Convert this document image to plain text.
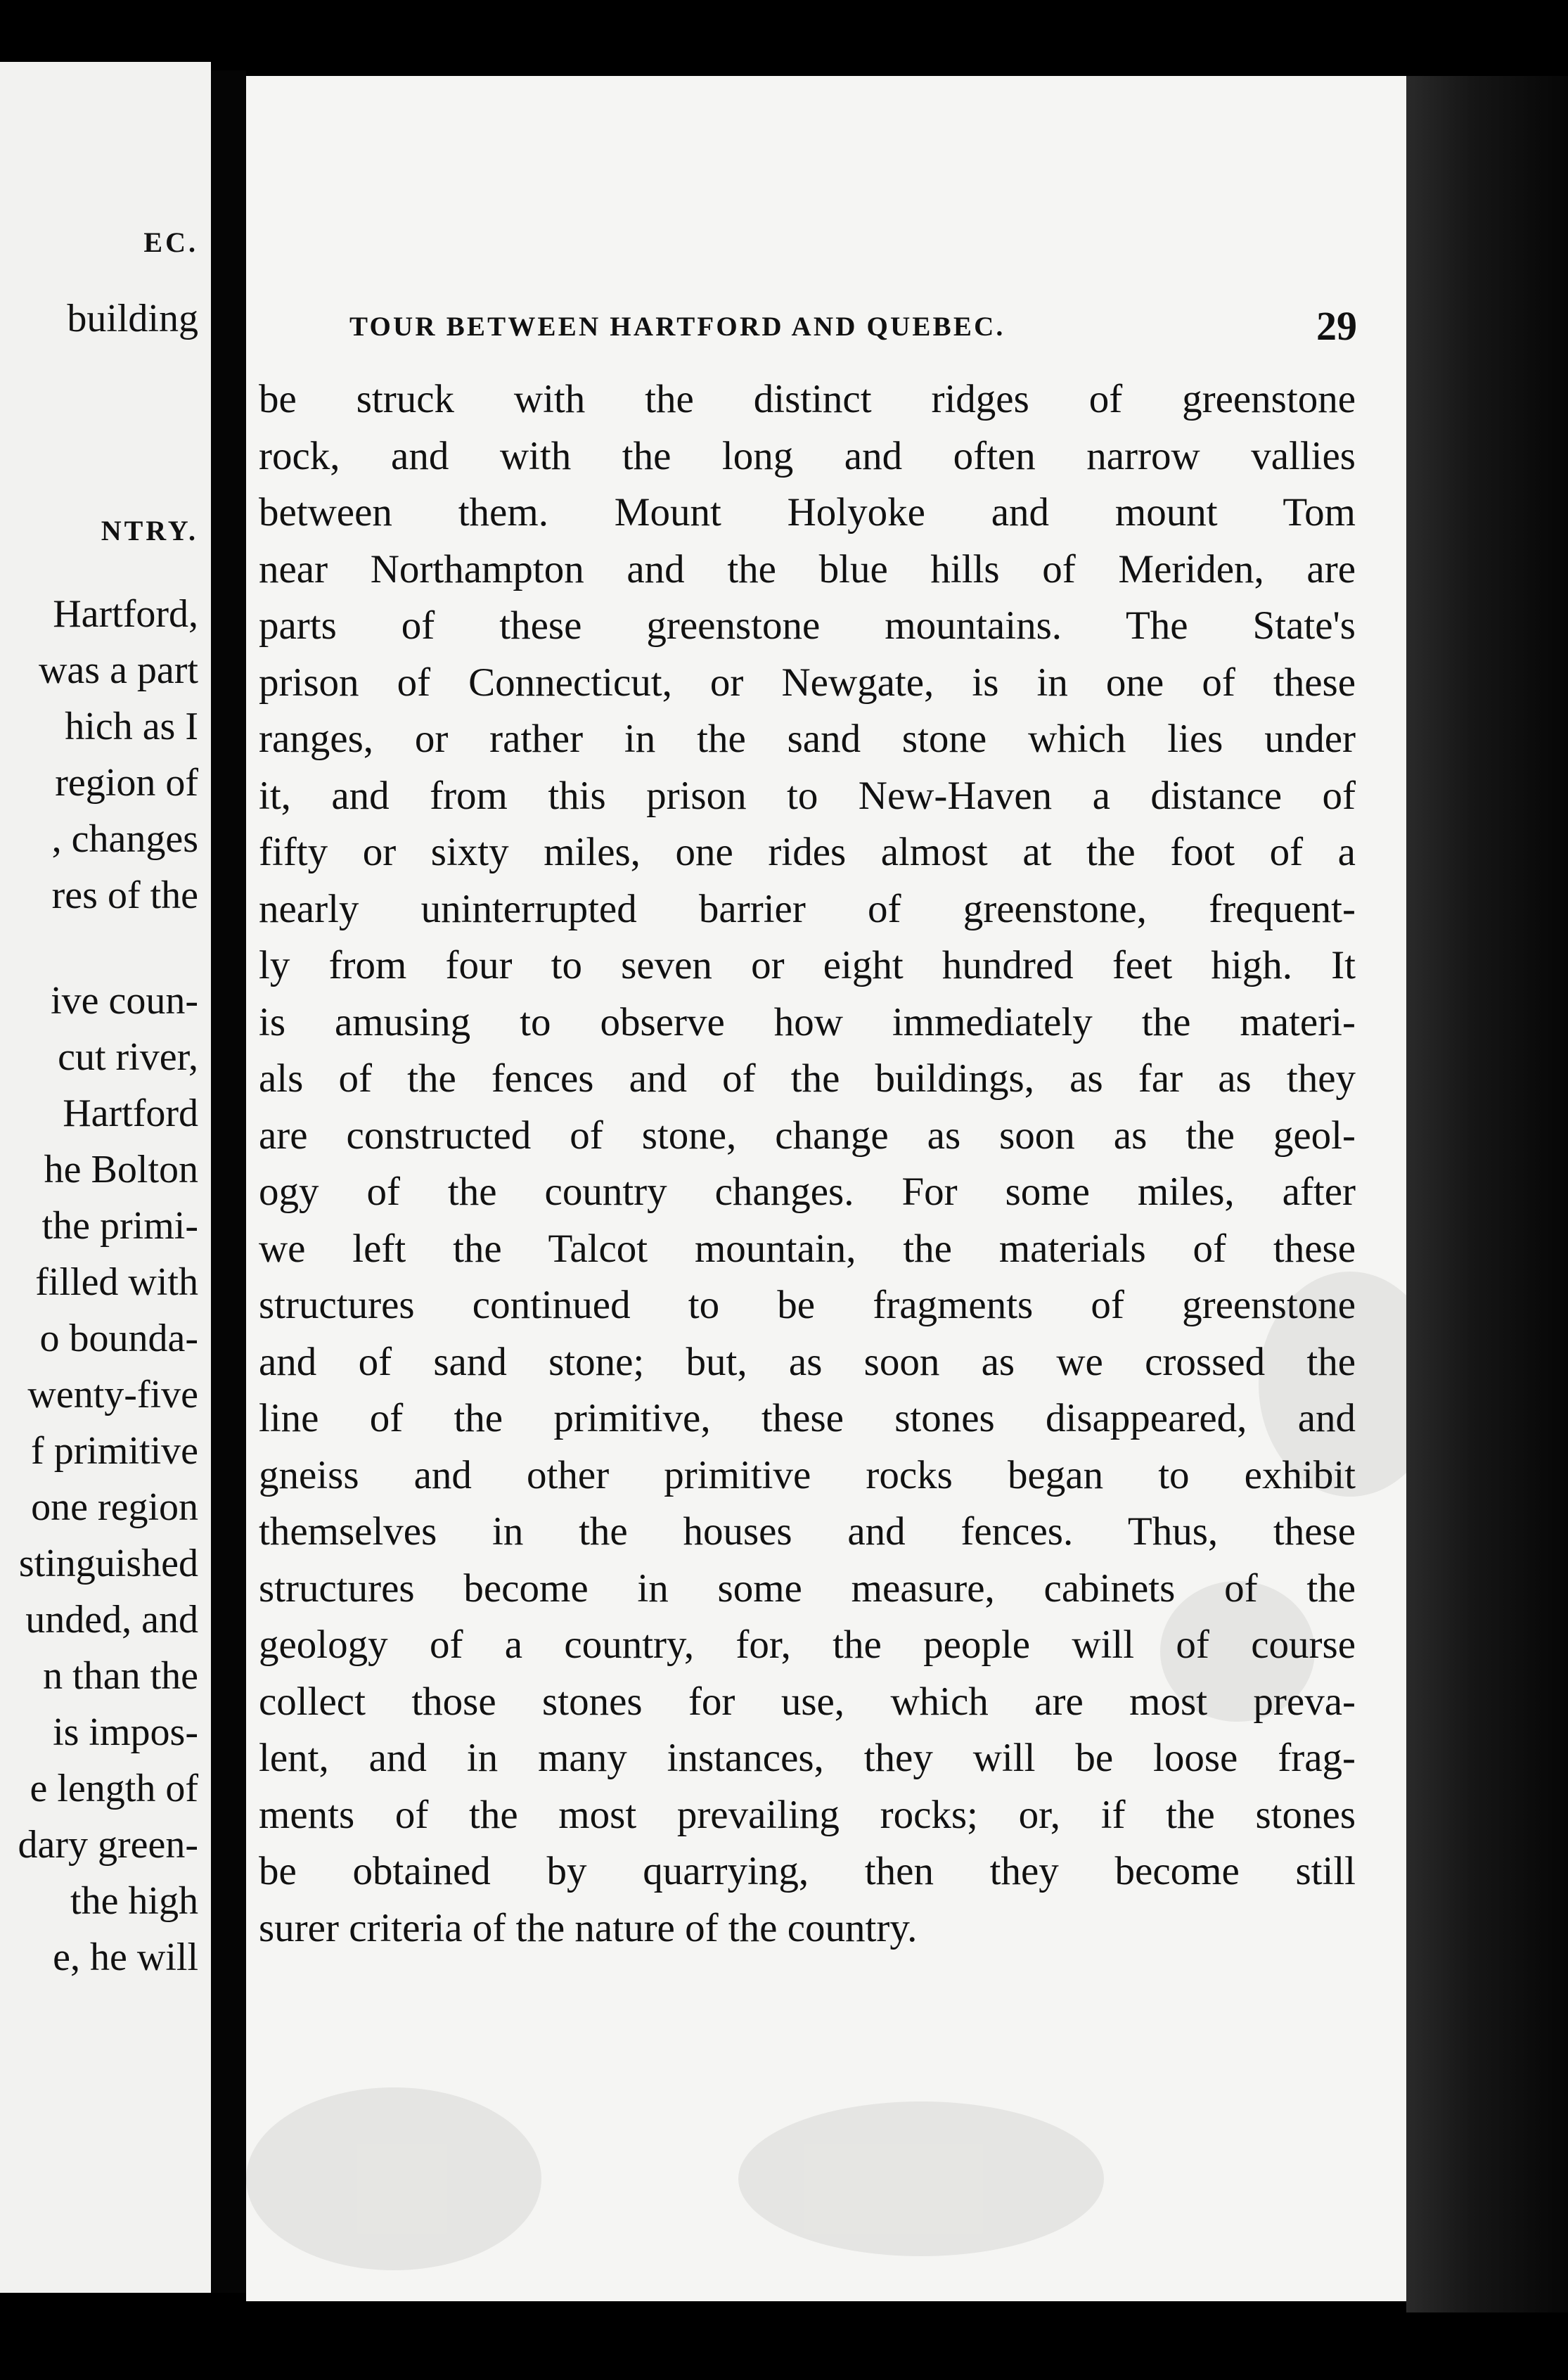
EC.
building
NTRY.
Hartford,
was a part
hich as I
region of
, changes
res of the
ive coun-
cut river,
Hartford
he Bolton
the primi-
filled with
o bounda-
wenty-five
f primitive
one region
stinguished
unded, and
n than the
is impos-
e length of
dary green-
the high
e, he will
TOUR BETWEEN HARTFORD AND QUEBEC.	29
be struck with the distinct ridges of greenstone
rock, and with the long and often narrow vallies
between them. Mount Holyoke and mount Tom
near Northampton and the blue hills of Meriden, are
parts of these greenstone mountains. The State's
prison of Connecticut, or Newgate, is in one of these
ranges, or rather in the sand stone which lies under
it, and from this prison to New-Haven a distance of
fifty or sixty miles, one rides almost at the foot of a
nearly uninterrupted barrier of greenstone, frequent-
ly from four to seven or eight hundred feet high. It
is amusing to observe how immediately the materi-
als of the fences and of the buildings, as far as they
are constructed of stone, change as soon as the geol-
ogy of the country changes. For some miles, after
we left the Talcot mountain, the materials of these
structures continued to be fragments of greenstone
and of sand stone; but, as soon as we crossed the
line of the primitive, these stones disappeared, and
gneiss and other primitive rocks began to exhibit
themselves in the houses and fences. Thus, these
structures become in some measure, cabinets of the
geology of a country, for, the people will of course
collect those stones for use, which are most preva-
lent, and in many instances, they will be loose frag-
ments of the most prevailing rocks; or, if the stones
be obtained by quarrying, then they become still
surer criteria of the nature of the country.
